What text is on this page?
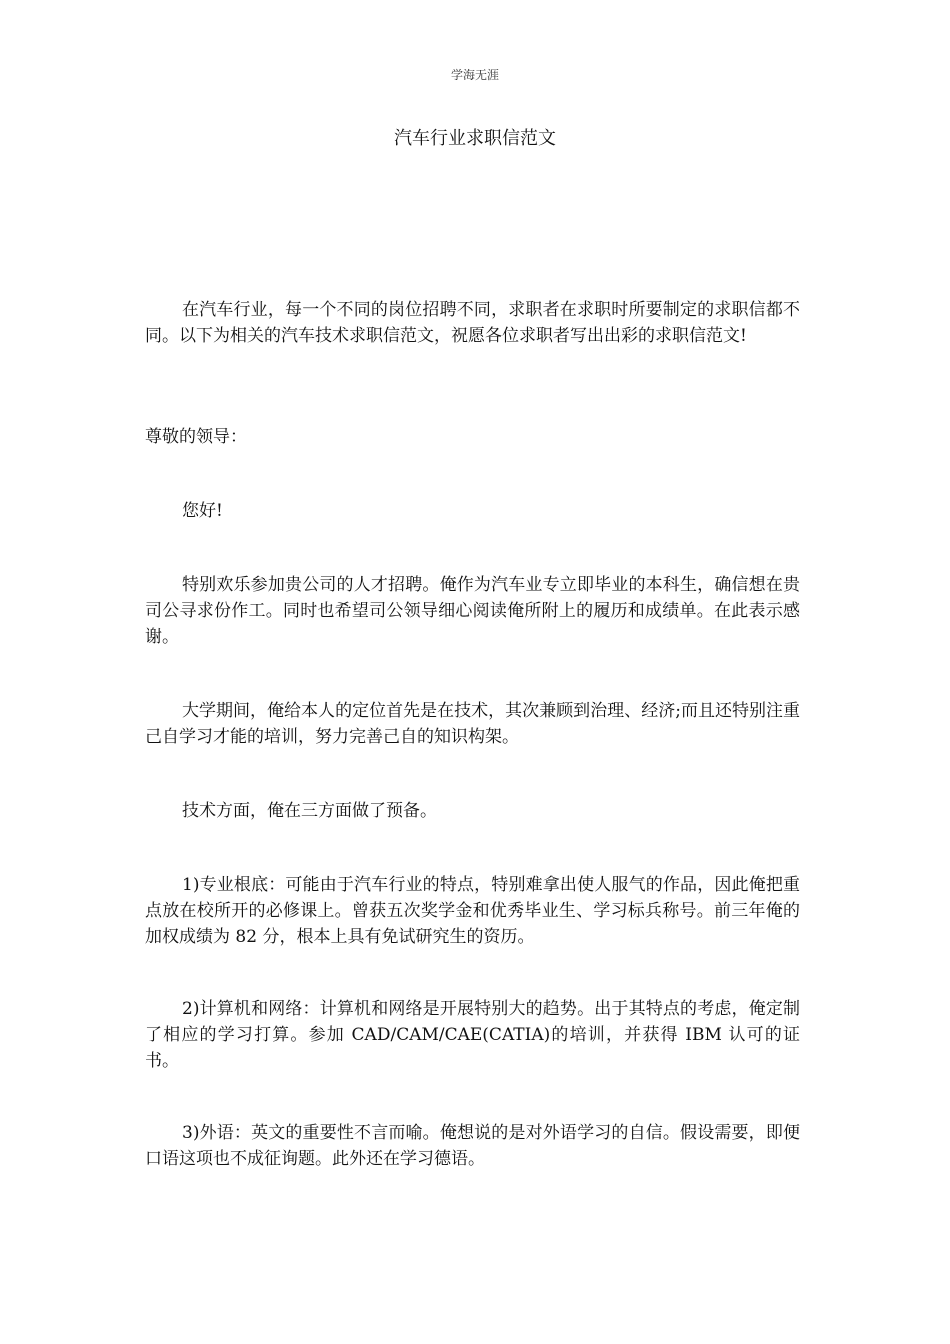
学海无涯
汽车行业求职信范文

在汽车行业，每一个不同的岗位招聘不同，求职者在求职时所要制定的求职信都不同。以下为相关的汽车技术求职信范文，祝愿各位求职者写出出彩的求职信范文!

尊敬的领导：

您好!

特别欢乐参加贵公司的人才招聘。俺作为汽车业专立即毕业的本科生，确信想在贵司公寻求份作工。同时也希望司公领导细心阅读俺所附上的履历和成绩单。在此表示感谢。

大学期间，俺给本人的定位首先是在技术，其次兼顾到治理、经济;而且还特别注重己自学习才能的培训，努力完善己自的知识构架。

技术方面，俺在三方面做了预备。

1)专业根底：可能由于汽车行业的特点，特别难拿出使人服气的作品，因此俺把重点放在校所开的必修课上。曾获五次奖学金和优秀毕业生、学习标兵称号。前三年俺的加权成绩为 82 分，根本上具有免试研究生的资历。

2)计算机和网络：计算机和网络是开展特别大的趋势。出于其特点的考虑，俺定制了相应的学习打算。参加 CAD/CAM/CAE(CATIA)的培训，并获得 IBM 认可的证书。

3)外语：英文的重要性不言而喻。俺想说的是对外语学习的自信。假设需要，即便口语这项也不成征询题。此外还在学习德语。
